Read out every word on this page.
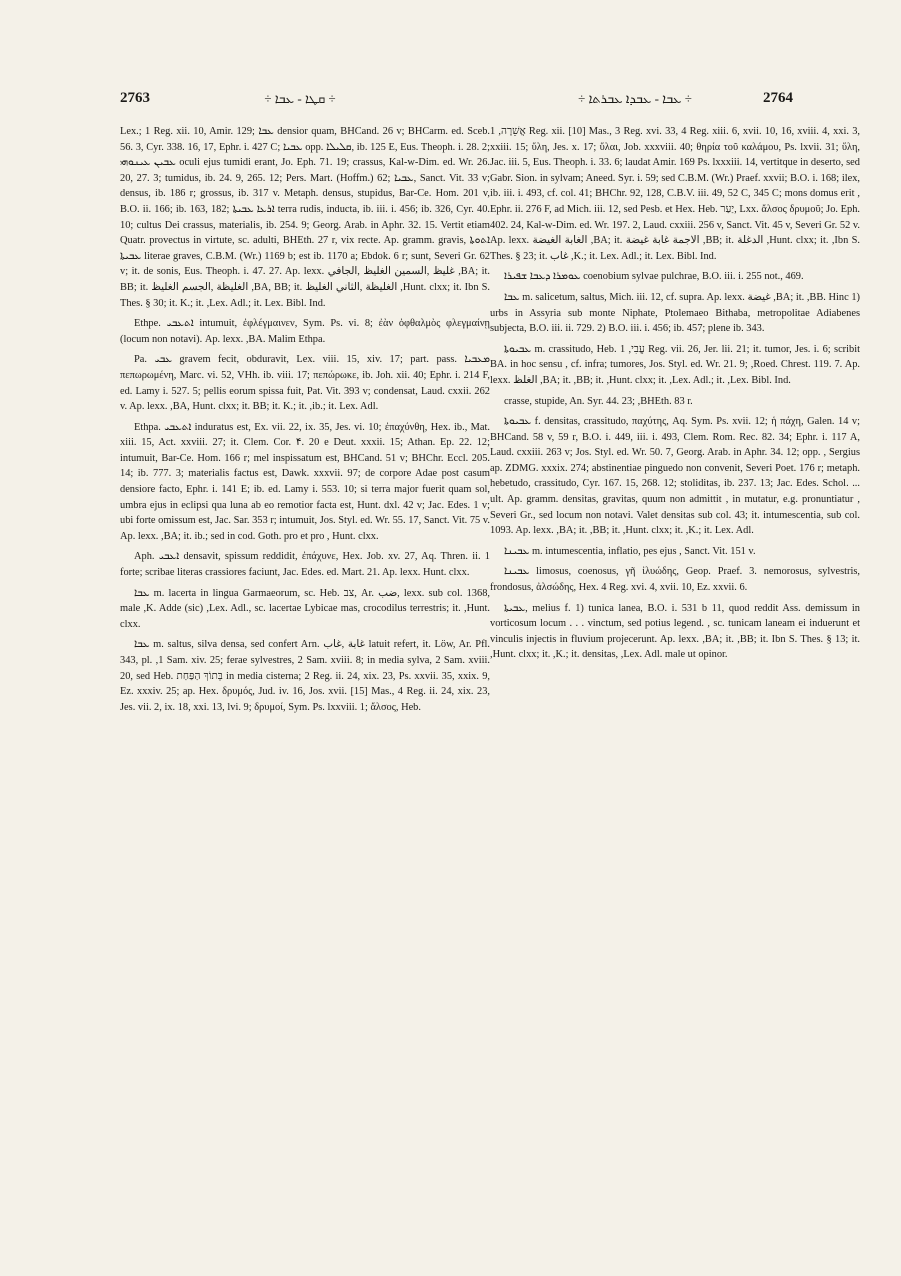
2763	÷ ܩܛܐ - ܥܒܐ ÷	÷ ܥܒܐ - ܥܒܕܐ ܥܒܪܬܐ ÷	2764

Lex.; 1 Reg. xii. 10, Amir. 129; ܥܒܐ densior quam, BHCand. 26 v; BHCarm. ed. Sceb. 56. 3, Cyr. 338. 16, 17, Ephr. i. 427 C; ܥܒܝܐ opp. ܩܠܝܠܐ, ib. 125 E, Eus. Theoph. i. 28. 2; ܥܒܝܢ ܥܝܢܘܗܝ oculi ejus tumidi erant, Jo. Eph. 71. 19; crassus, Kal-w-Dim. ed. Wr. 26. 20, 27. 3; tumidus, ib. 24. 9, 265. 12; Pers. Mart. (Hoffm.) 62; ܥܒܝܐ, Sanct. Vit. 33 v; densus, ib. 186 r; grossus, ib. 317 v. Metaph. densus, stupidus, Bar-Ce. Hom. 201 v, B.O. ii. 166; ib. 163, 182; ܐܪܥܐ ܥܒܝܬܐ terra rudis, inducta, ib. iii. i. 456; ib. 326, Cyr. 40. 10; cultus Dei crassus, materialis, ib. 254. 9; Georg. Arab. in Aphr. 32. 15. Vertit etiam Quatr. provectus in virtute, sc. adulti, BHEth. 27 r, vix recte. Ap. gramm. gravis, ܐܬܘܬܐ ܥܒܝܬܐ literae graves, C.B.M. (Wr.) 1169 b; est ib. 1170 a; Ebdok. 6 r; sunt, Severi Gr. 62 v; it. de sonis, Eus. Theoph. i. 47. 27. Ap. lexx. غليظ ,السمين الغليظ ,الجافي ,BA; it. BB; it. الغليظة ,الجسم الغليظ ,BA, BB; it. الغليظة ,الثاني الغليظ ,Hunt. clxx; it. Ibn S. Thes. § 30; it. K.; it. ,Lex. Adl.; it. Lex. Bibl. Ind.

Ethpe. ܐܬܥܒܝ intumuit, ἐφλέγμαινεν, Sym. Ps. vi. 8; ἐὰν ὀφθαλμὸς φλεγμαίνῃ (locum non notavi). Ap. lexx. ,BA. Malim Ethpa.

Pa. ܥܒܝ gravem fecit, obduravit, Lex. viii. 15, xiv. 17; part. pass. ܡܥܒܝܐ πεπωρωμένη, Marc. vi. 52, VHh. ib. viii. 17; πεπώρωκε, ib. Joh. xii. 40; Ephr. i. 214 F, ed. Lamy i. 527. 5; pellis eorum spissa fuit, Pat. Vit. 393 v; condensat, Laud. cxxii. 262 v. Ap. lexx. ,BA, Hunt. clxx; it. BB; it. K.; it. ,ib.; it. Lex. Adl.

Ethpa. ܐܬܥܒܝ induratus est, Ex. vii. 22, ix. 35, Jes. vi. 10; ἐπαχύνθη, Hex. ib., Mat. xiii. 15, Act. xxviii. 27; it. Clem. Cor. ۴. 20 e Deut. xxxii. 15; Athan. Ep. 22. 12; intumuit, Bar-Ce. Hom. 166 r; mel inspissatum est, BHCand. 51 v; BHChr. Eccl. 205. 14; ib. 777. 3; materialis factus est, Dawk. xxxvii. 97; de corpore Adae post casum densiore facto, Ephr. i. 141 E; ib. ed. Lamy i. 553. 10; si terra major fuerit quam sol, umbra ejus in eclipsi qua luna ab eo remotior facta est, Hunt. dxl. 42 v; Jac. Edes. 1 v; ubi forte omissum est, Jac. Sar. 353 r; intumuit, Jos. Styl. ed. Wr. 55. 17, Sanct. Vit. 75 v. Ap. lexx. ,BA; it. ib.; sed in cod. Goth. pro et pro , Hunt. clxx.

Aph. ܐܥܒܝ densavit, spissum reddidit, ἐπάχυνε, Hex. Job. xv. 27, Aq. Thren. ii. 1 forte; scribae literas crassiores faciunt, Jac. Edes. ed. Mart. 21. Ap. lexx. Hunt. clxx.

ܥܒܐ m. lacerta in lingua Garmaeorum, sc. Heb. צב, Ar. ضب, lexx. sub col. 1368, male ,K. Adde (sic) ,Lex. Adl., sc. lacertae Lybicae mas, crocodilus terrestris; it. ,Hunt. clxx.

ܥܒܐ m. saltus, silva densa, sed confert Arn. غابة ,غاب latuit refert, it. Löw, Ar. Pfl. 343, pl. ,1 Sam. xiv. 25; ferae sylvestres, 2 Sam. xviii. 8; in media sylva, 2 Sam. xviii. 20, sed Heb. בְּתוֹךְ הַפַּחַת in media cisterna; 2 Reg. ii. 24, xix. 23, Ps. xxvii. 35, xxix. 9, Ez. xxxiv. 25; ap. Hex. δρυμός, Jud. iv. 16, Jos. xvii. [15] Mas., 4 Reg. ii. 24, xix. 23, Jes. vii. 2, ix. 18, xxi. 13, lvi. 9; δρυμοί, Sym. Ps. lxxviii. 1; ἄλσος, Heb.

אֲשֵׁרָה, 1 Reg. xii. [10] Mas., 3 Reg. xvi. 33, 4 Reg. xiii. 6, xvii. 10, 16, xviii. 4, xxi. 3, xxiii. 15; ὕλη, Jes. x. 17; ὕλαι, Job. xxxviii. 40; θηρία τοῦ καλάμου, Ps. lxvii. 31; ὕλη, Jac. iii. 5, Eus. Theoph. i. 33. 6; laudat Amir. 169 Ps. lxxxiii. 14, vertitque in deserto, sed Gabr. Sion. in sylvam; Aneed. Syr. i. 59; sed C.B.M. (Wr.) Praef. xxvii; B.O. i. 168; ilex, ib. iii. i. 493, cf. col. 41; BHChr. 92, 128, C.B.V. iii. 49, 52 C, 345 C; mons domus erit , Ephr. ii. 276 F, ad Mich. iii. 12, sed Pesb. et Hex. Heb. יַעַר, Lxx. ἄλσος δρυμοῦ; Jo. Eph. 402. 24, Kal-w-Dim. ed. Wr. 197. 2, Laud. cxxiii. 256 v, Sanct. Vit. 45 v, Severi Gr. 52 v. Ap. lexx. الغابة الغيضة ,BA; it. الاجمة غابة غيضة ,BB; it. الدغلة ,Hunt. clxx; it. ,Ibn S. Thes. § 23; it. غاب ,K.; it. Lex. Adl.; it. Lex. Bibl. Ind.

ܥܘܡܪܐ ܕܥܒܐ ܫܦܝܪܐ coenobium sylvae pulchrae, B.O. iii. i. 255 not., 469.

ܥܒܐ m. salicetum, saltus, Mich. iii. 12, cf. supra. Ap. lexx. غيضة ,BA; it. ,BB. Hinc 1) urbs in Assyria sub monte Niphate, Ptolemaeo Bithaba, metropolitae Adiabenes subjecta, B.O. iii. ii. 729. 2) B.O. iii. i. 456; ib. 457; plene ib. 343.

ܥܒܝܘܬܐ m. crassitudo, Heb. עֳבִי, 1 Reg. vii. 26, Jer. lii. 21; it. tumor, Jes. i. 6; scribit BA. in hoc sensu , cf. infra; tumores, Jos. Styl. ed. Wr. 21. 9; ,Roed. Chrest. 119. 7. Ap. lexx. الغلظ ,BA; it. ,BB; it. ,Hunt. clxx; it. ,Lex. Adl.; it. ,Lex. Bibl. Ind.

crasse, stupide, An. Syr. 44. 23; ,BHEth. 83 r.

ܥܒܝܘܬܐ f. densitas, crassitudo, παχύτης, Aq. Sym. Ps. xvii. 12; ἡ πάχη, Galen. 14 v; BHCand. 58 v, 59 r, B.O. i. 449, iii. i. 493, Clem. Rom. Rec. 82. 34; Ephr. i. 117 A, Laud. cxxiii. 263 v; Jos. Styl. ed. Wr. 50. 7, Georg. Arab. in Aphr. 34. 12; opp. , Sergius ap. ZDMG. xxxix. 274; abstinentiae pinguedo non convenit, Severi Poet. 176 r; metaph. hebetudo, crassitudo, Cyr. 167. 15, 268. 12; stoliditas, ib. 237. 13; Jac. Edes. Schol. ... ult. Ap. gramm. densitas, gravitas, quum non admittit , in mutatur, e.g. pronuntiatur , Severi Gr., sed locum non notavi. Valet densitas sub col. 43; it. intumescentia, sub col. 1093. Ap. lexx. ,BA; it. ,BB; it. ,Hunt. clxx; it. ,K.; it. Lex. Adl.

ܥܒܝܢܐ m. intumescentia, inflatio, pes ejus , Sanct. Vit. 151 v.

ܥܒܝܢܐ limosus, coenosus, γῆ ἰλυώδης, Geop. Praef. 3. nemorosus, sylvestris, frondosus, ἀλσώδης, Hex. 4 Reg. xvi. 4, xvii. 10, Ez. xxvii. 6.

ܥܒܝܬܐ, melius f. 1) tunica lanea, B.O. i. 531 b 11, quod reddit Ass. demissum in vorticosum locum . . . vinctum, sed potius legend. , sc. tunicam laneam ei induerunt et vinculis injectis in fluvium projecerunt. Ap. lexx. ,BA; it. ,BB; it. Ibn S. Thes. § 13; it. ,Hunt. clxx; it. ,K.; it. densitas, ,Lex. Adl. male ut opinor.
